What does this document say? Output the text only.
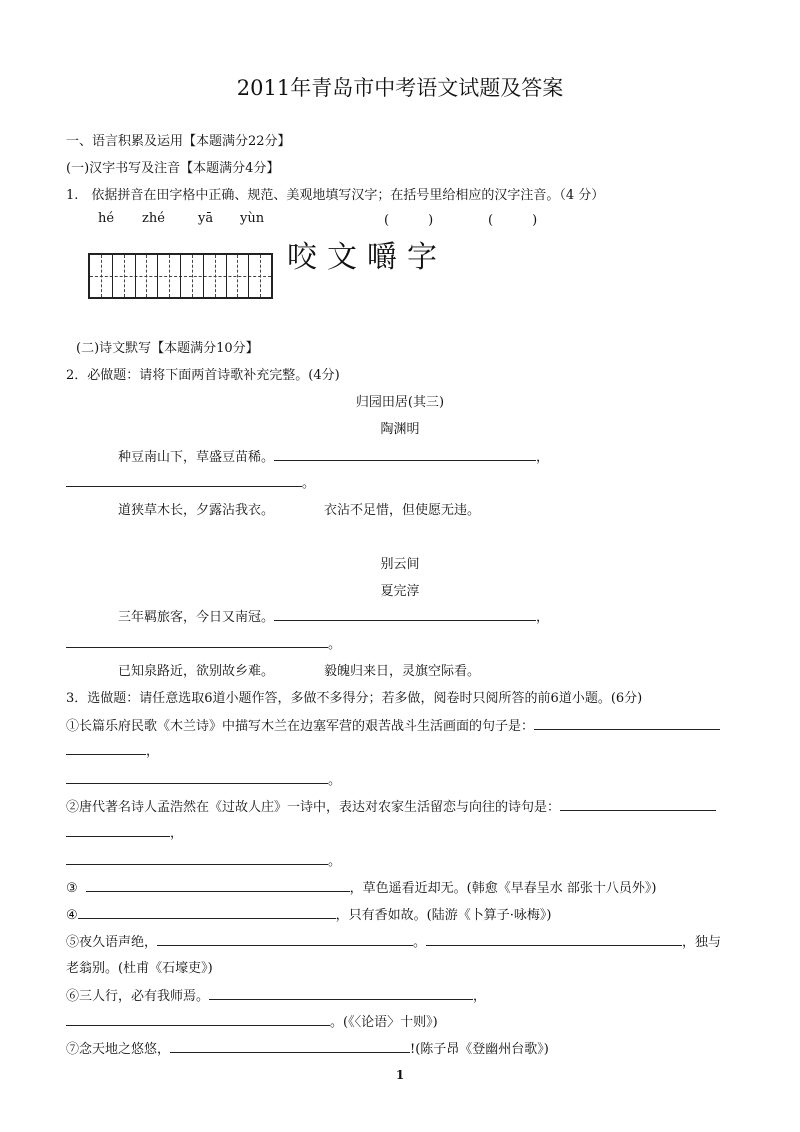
2011年青岛市中考语文试题及答案
一、语言积累及运用【本题满分22分】
(一)汉字书写及注音【本题满分4分】
1.　依据拼音在田字格中正确、规范、美观地填写汉字；在括号里给相应的汉字注音。（4 分）
hé zhé	yā yùn	(　　　)	(　　　)
咬文嚼字
(二)诗文默写【本题满分10分】
2．必做题：请将下面两首诗歌补充完整。(4分)
归园田居(其三)
陶渊明
种豆南山下，草盛豆苗稀。	，
。
道狭草木长，夕露沾我衣。	衣沾不足惜，但使愿无违。
别云间
夏完淳
三年羁旅客，今日又南冠。	，
。
已知泉路近，欲别故乡难。	毅魄归来日，灵旗空际看。
3．选做题：请任意选取6道小题作答，多做不多得分；若多做，阅卷时只阅所答的前6道小题。(6分)
①长篇乐府民歌《木兰诗》中描写木兰在边塞军营的艰苦战斗生活画面的句子是：
，
。
②唐代著名诗人孟浩然在《过故人庄》一诗中，表达对农家生活留恋与向往的诗句是：
，
。
③	，草色遥看近却无。(韩愈《早春呈水 部张十八员外》)
④	，只有香如故。(陆游《卜算子·咏梅》)
⑤夜久语声绝，	。	，独与
老翁别。(杜甫《石壕吏》)
⑥三人行，必有我师焉。	，
。(《〈论语〉十则》)
⑦念天地之悠悠，	!(陈子昂《登幽州台歌》)
1
